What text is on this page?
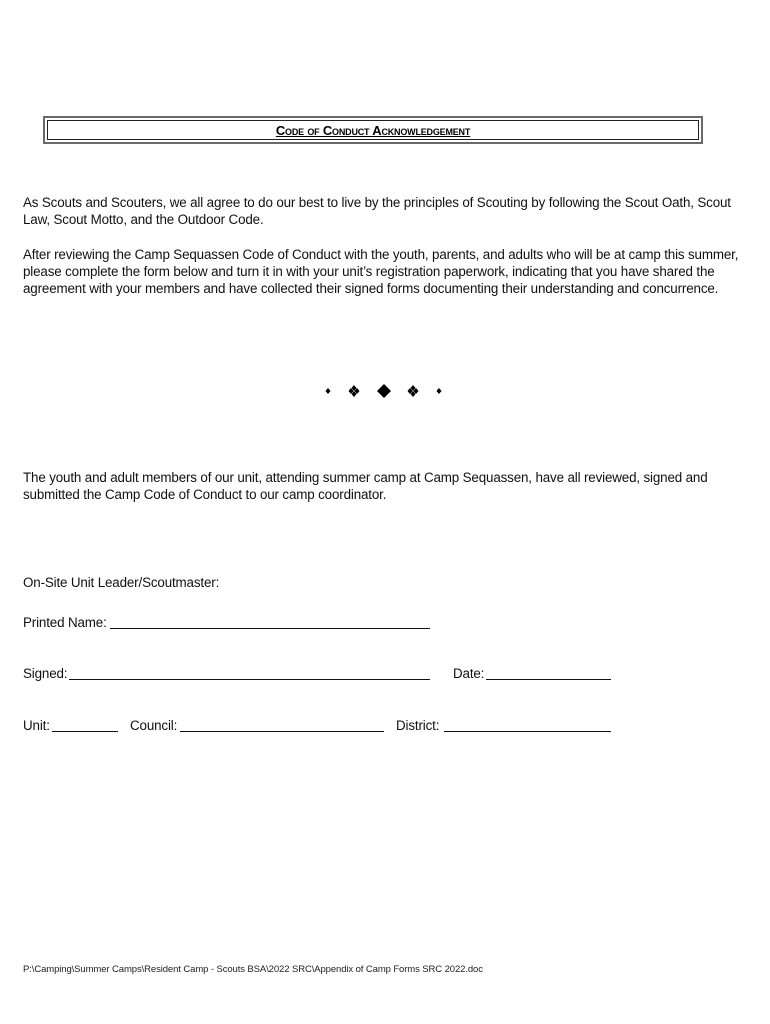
Code of Conduct Acknowledgement

As Scouts and Scouters, we all agree to do our best to live by the principles of Scouting by following the Scout Oath, Scout Law, Scout Motto, and the Outdoor Code.

After reviewing the Camp Sequassen Code of Conduct with the youth, parents, and adults who will be at camp this summer, please complete the form below and turn it in with your unit’s registration paperwork, indicating that you have shared the agreement with your members and have collected their signed forms documenting their understanding and concurrence.

The youth and adult members of our unit, attending summer camp at Camp Sequassen, have all reviewed, signed and submitted the Camp Code of Conduct to our camp coordinator.

On-Site Unit Leader/Scoutmaster:
Printed Name:
Signed:	Date:
Unit:	Council:	District:
P:\Camping\Summer Camps\Resident Camp - Scouts BSA\2022 SRC\Appendix of Camp Forms SRC 2022.doc
